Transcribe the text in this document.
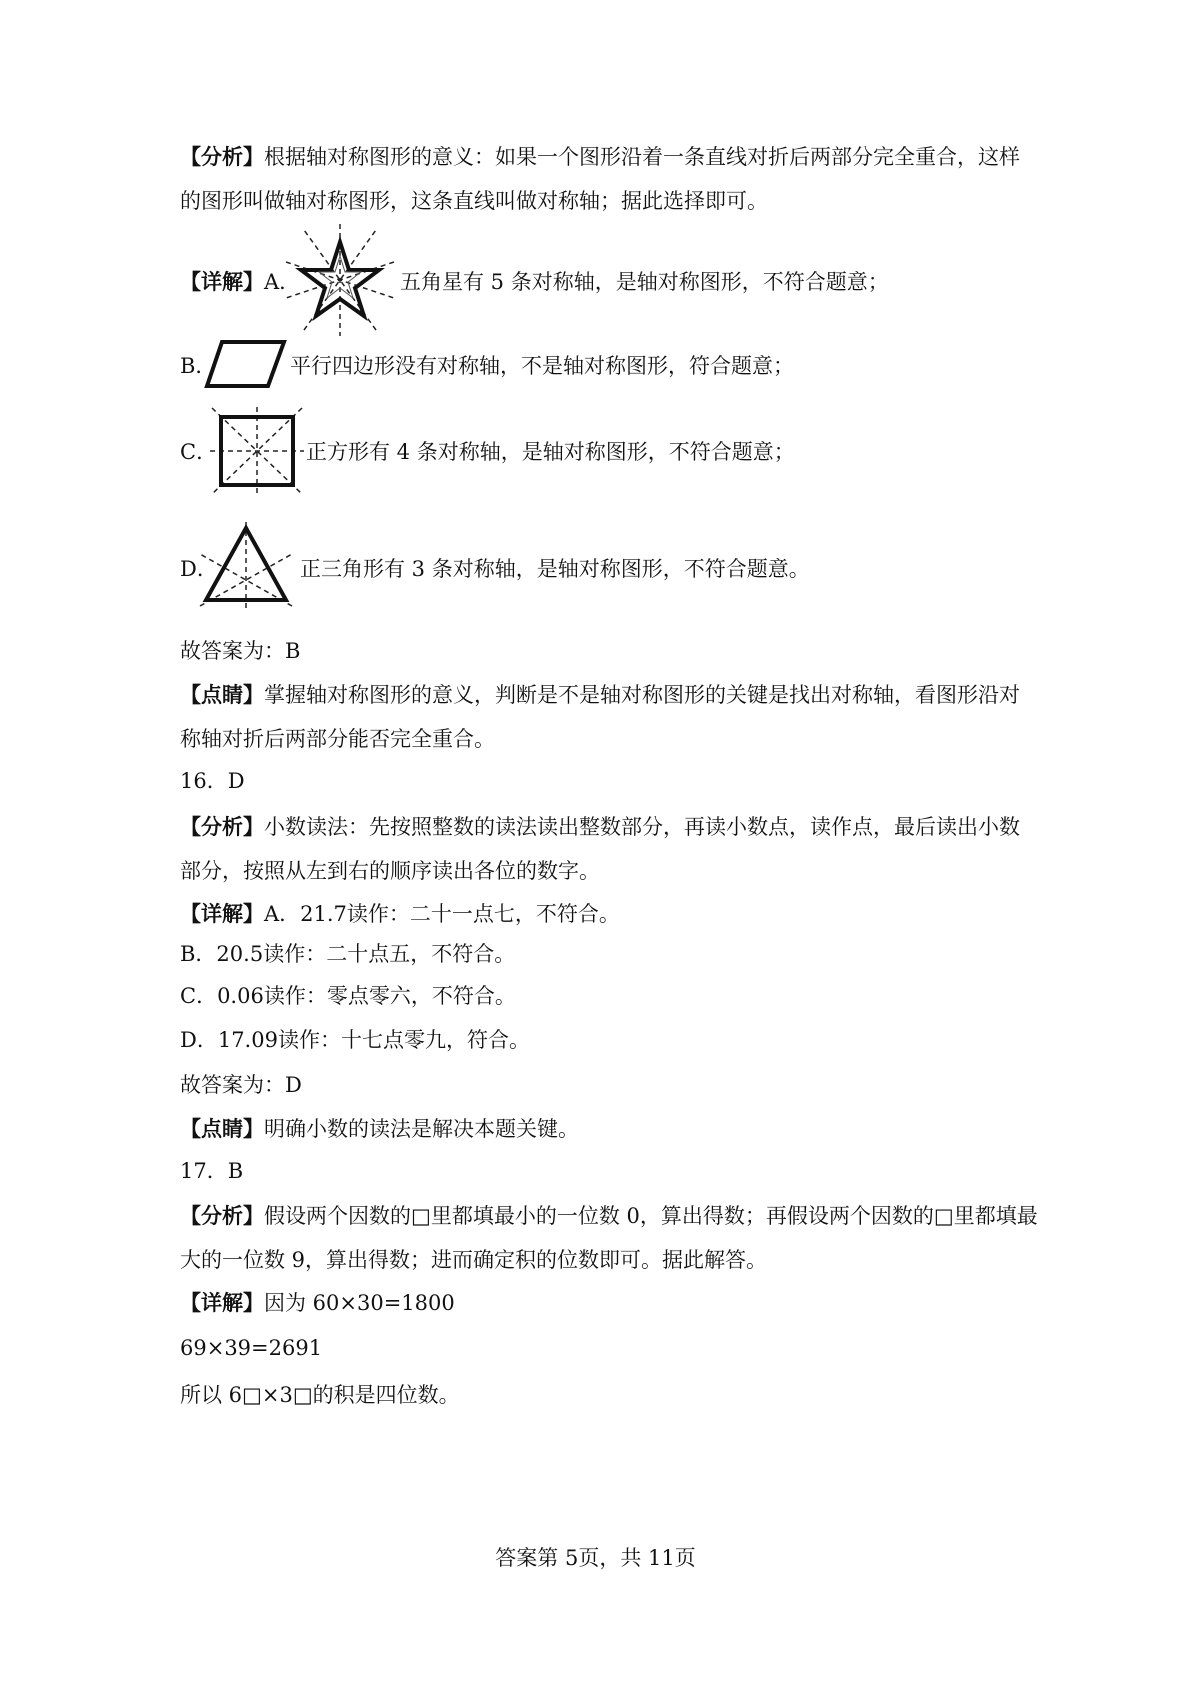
【分析】根据轴对称图形的意义：如果一个图形沿着一条直线对折后两部分完全重合，这样
的图形叫做轴对称图形，这条直线叫做对称轴；据此选择即可。
【详解】A．	五角星有 5 条对称轴，是轴对称图形，不符合题意；
B．	平行四边形没有对称轴，不是轴对称图形，符合题意；
C．	正方形有 4 条对称轴，是轴对称图形，不符合题意；
D．	正三角形有 3 条对称轴，是轴对称图形，不符合题意。
故答案为：B
【点睛】掌握轴对称图形的意义，判断是不是轴对称图形的关键是找出对称轴，看图形沿对
称轴对折后两部分能否完全重合。
16．D
【分析】小数读法：先按照整数的读法读出整数部分，再读小数点，读作点，最后读出小数
部分，按照从左到右的顺序读出各位的数字。
【详解】A．21.7读作：二十一点七，不符合。
B．20.5读作：二十点五，不符合。
C．0.06读作：零点零六，不符合。
D．17.09读作：十七点零九，符合。
故答案为：D
【点睛】明确小数的读法是解决本题关键。
17．B
【分析】假设两个因数的□里都填最小的一位数 0，算出得数；再假设两个因数的□里都填最
大的一位数 9，算出得数；进而确定积的位数即可。据此解答。
【详解】因为 60×30=1800
69×39=2691
所以 6□×3□的积是四位数。
答案第 5页，共 11页
